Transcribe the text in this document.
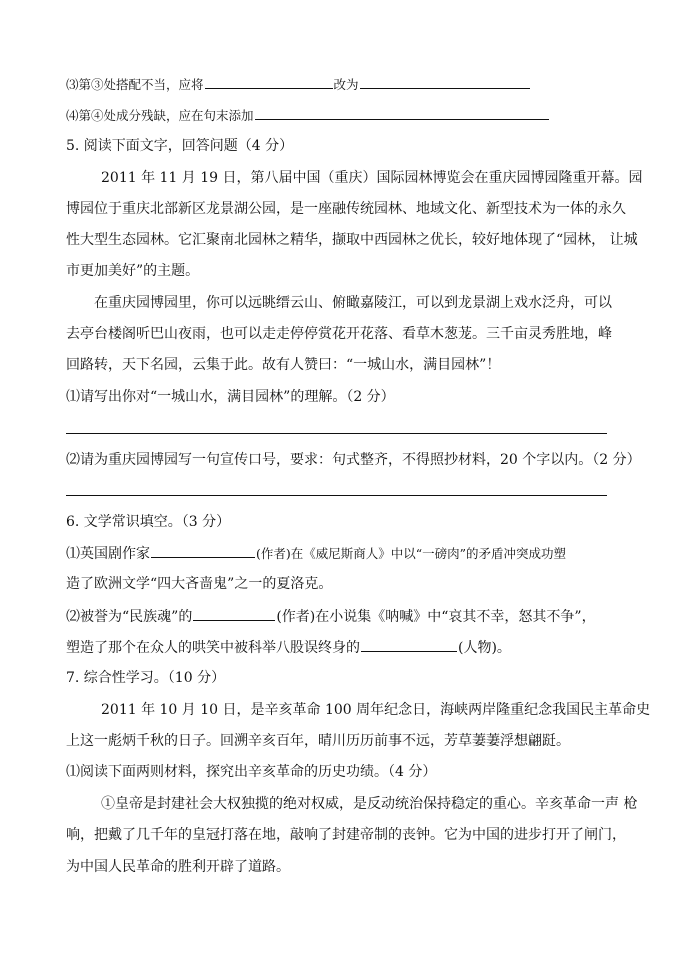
⑶第③处搭配不当，应将	改为
⑷第④处成分残缺，应在句末添加
5. 阅读下面文字，回答问题（4 分）
2011 年 11 月 19 日，第八届中国（重庆）国际园林博览会在重庆园博园隆重开幕。园
博园位于重庆北部新区龙景湖公园，是一座融传统园林、地域文化、新型技术为一体的永久
性大型生态园林。它汇聚南北园林之精华，撷取中西园林之优长，较好地体现了“园林， 让城
市更加美好”的主题。
在重庆园博园里，你可以远眺缙云山、俯瞰嘉陵江，可以到龙景湖上戏水泛舟，可以
去亭台楼阁听巴山夜雨，也可以走走停停赏花开花落、看草木葱茏。三千亩灵秀胜地，峰
回路转，天下名园，云集于此。故有人赞曰：“一城山水，满目园林”！
⑴请写出你对“一城山水，满目园林”的理解。（2 分）
⑵请为重庆园博园写一句宣传口号，要求：句式整齐，不得照抄材料，20 个字以内。（2 分）
6. 文学常识填空。（3 分）
⑴英国剧作家	(作者)在《威尼斯商人》中以“一磅肉”的矛盾冲突成功塑
造了欧洲文学“四大吝啬鬼”之一的夏洛克。
⑵被誉为“民族魂”的	(作者)在小说集《呐喊》中“哀其不幸，怒其不争”，
塑造了那个在众人的哄笑中被科举八股误终身的	(人物)。
7. 综合性学习。（10 分）
2011 年 10 月 10 日，是辛亥革命 100 周年纪念日，海峡两岸隆重纪念我国民主革命史
上这一彪炳千秋的日子。回溯辛亥百年，晴川历历前事不远，芳草萋萋浮想翩跹。
⑴阅读下面两则材料，探究出辛亥革命的历史功绩。（4 分）
①皇帝是封建社会大权独揽的绝对权威，是反动统治保持稳定的重心。辛亥革命一声 枪
响，把戴了几千年的皇冠打落在地，敲响了封建帝制的丧钟。它为中国的进步打开了闸门，
为中国人民革命的胜利开辟了道路。
